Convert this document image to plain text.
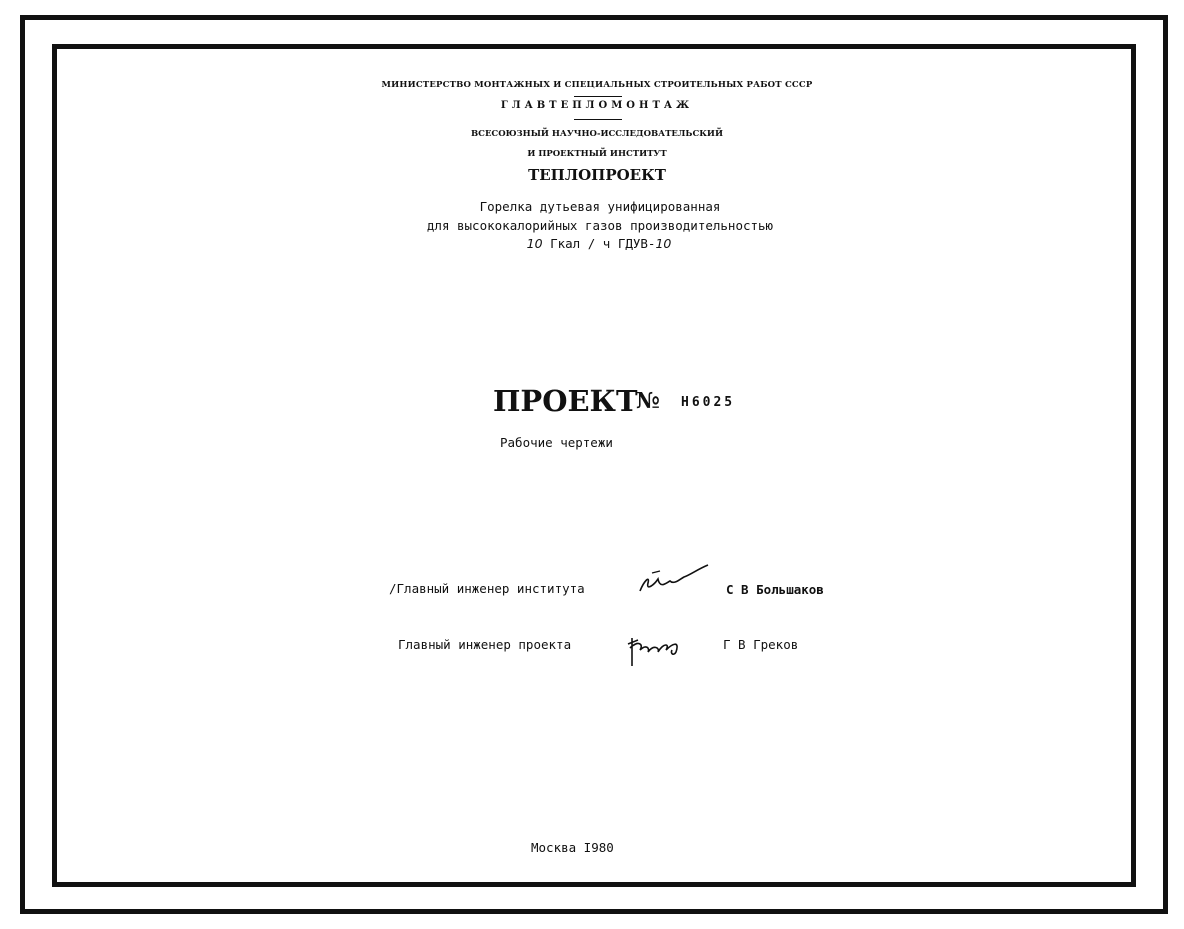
МИНИСТЕРСТВО МОНТАЖНЫХ И СПЕЦИАЛЬНЫХ СТРОИТЕЛЬНЫХ РАБОТ СССР
ГЛАВТЕПЛОМОНТАЖ
ВСЕСОЮЗНЫЙ НАУЧНО-ИССЛЕДОВАТЕЛЬСКИЙ
И ПРОЕКТНЫЙ ИНСТИТУТ
ТЕПЛОПРОЕКТ
Горелка дутьевая унифицированная
для высококалорийных газов производительностью
10 Гкал / ч ГДУВ-10
ПРОЕКТ
№ Н6025
Рабочие чертежи
/Главный инженер института	С В Большаков
Главный инженер проекта	Г В Греков
Москва I980
